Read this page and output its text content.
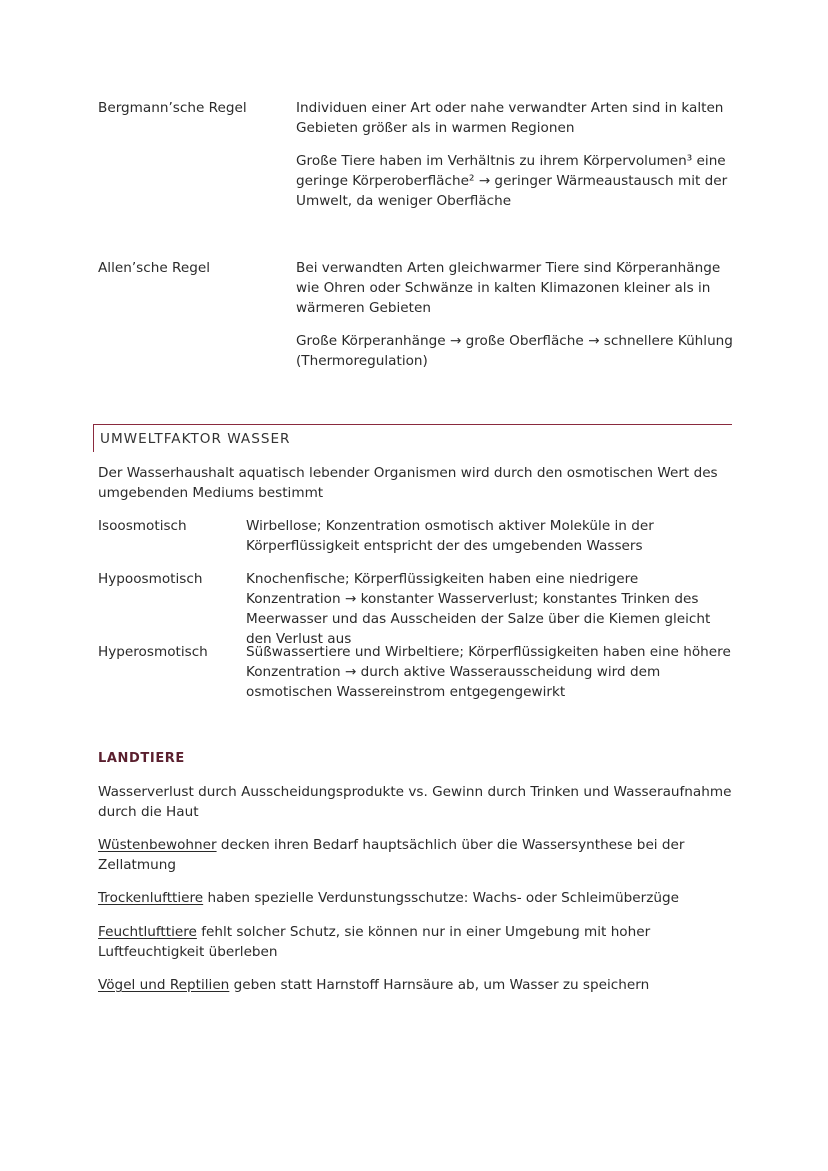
Bergmann’sche Regel	Individuen einer Art oder nahe verwandter Arten sind in kalten Gebieten größer als in warmen Regionen

Große Tiere haben im Verhältnis zu ihrem Körpervolumen³ eine geringe Körperoberfläche² → geringer Wärmeaustausch mit der Umwelt, da weniger Oberfläche

Allen’sche Regel	Bei verwandten Arten gleichwarmer Tiere sind Körperanhänge wie Ohren oder Schwänze in kalten Klimazonen kleiner als in wärmeren Gebieten

Große Körperanhänge → große Oberfläche → schnellere Kühlung (Thermoregulation)

UMWELTFAKTOR WASSER

Der Wasserhaushalt aquatisch lebender Organismen wird durch den osmotischen Wert des umgebenden Mediums bestimmt

Isoosmotisch	Wirbellose; Konzentration osmotisch aktiver Moleküle in der Körperflüssigkeit entspricht der des umgebenden Wassers

Hypoosmotisch	Knochenfische; Körperflüssigkeiten haben eine niedrigere Konzentration → konstanter Wasserverlust; konstantes Trinken des Meerwasser und das Ausscheiden der Salze über die Kiemen gleicht den Verlust aus

Hyperosmotisch	Süßwassertiere und Wirbeltiere; Körperflüssigkeiten haben eine höhere Konzentration → durch aktive Wasserausscheidung wird dem osmotischen Wassereinstrom entgegengewirkt

LANDTIERE

Wasserverlust durch Ausscheidungsprodukte vs. Gewinn durch Trinken und Wasseraufnahme durch die Haut

Wüstenbewohner decken ihren Bedarf hauptsächlich über die Wassersynthese bei der Zellatmung

Trockenlufttiere haben spezielle Verdunstungsschutze: Wachs- oder Schleimüberzüge

Feuchtlufttiere fehlt solcher Schutz, sie können nur in einer Umgebung mit hoher Luftfeuchtigkeit überleben

Vögel und Reptilien geben statt Harnstoff Harnsäure ab, um Wasser zu speichern
